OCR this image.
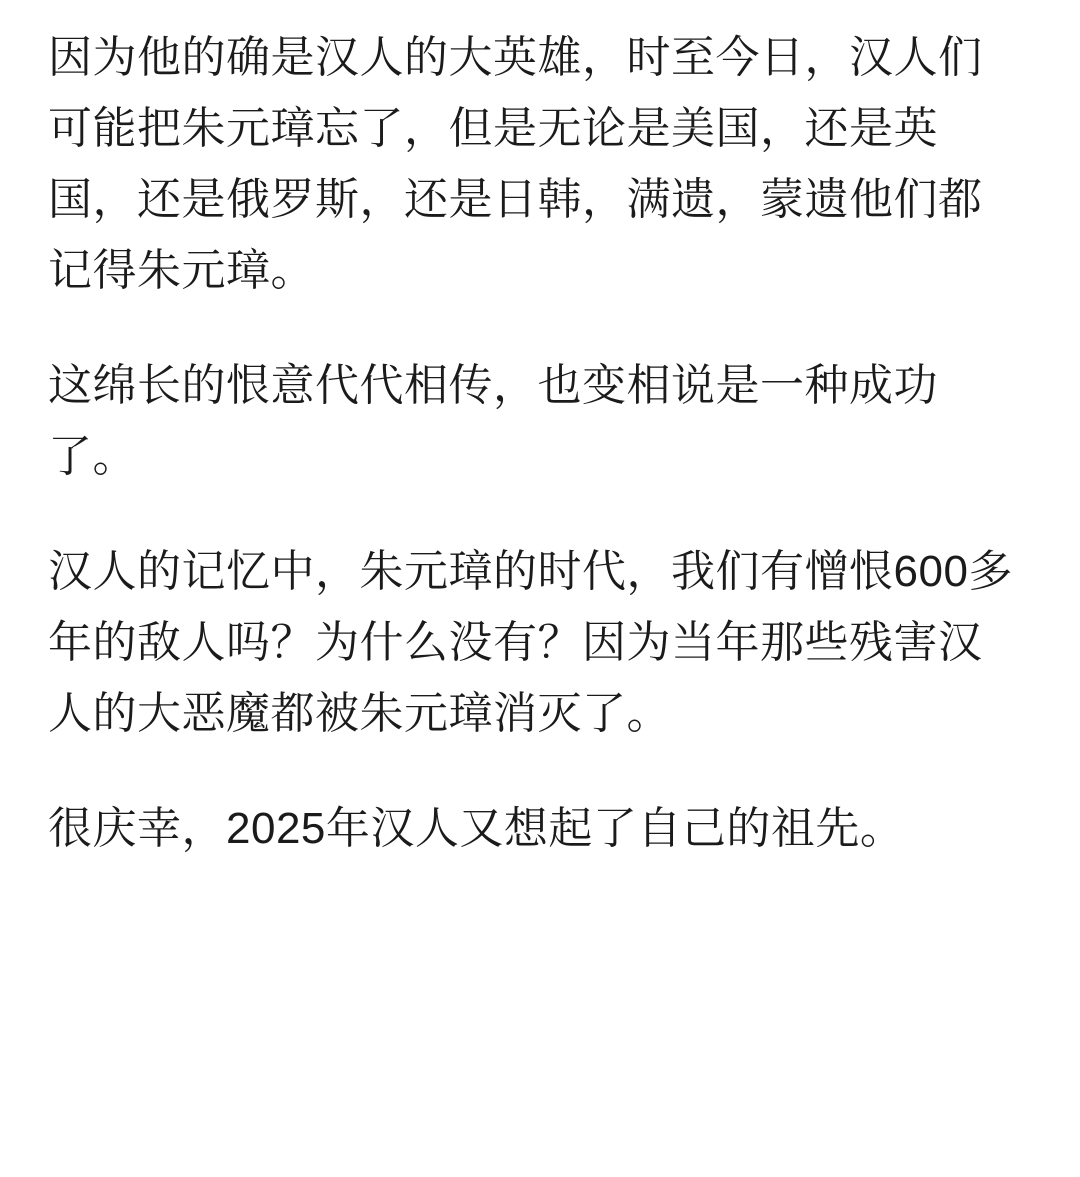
因为他的确是汉人的大英雄，时至今日，汉人们可能把朱元璋忘了，但是无论是美国，还是英国，还是俄罗斯，还是日韩，满遗，蒙遗他们都记得朱元璋。

这绵长的恨意代代相传，也变相说是一种成功了。

汉人的记忆中，朱元璋的时代，我们有憎恨600多年的敌人吗？为什么没有？因为当年那些残害汉人的大恶魔都被朱元璋消灭了。

很庆幸，2025年汉人又想起了自己的祖先。
